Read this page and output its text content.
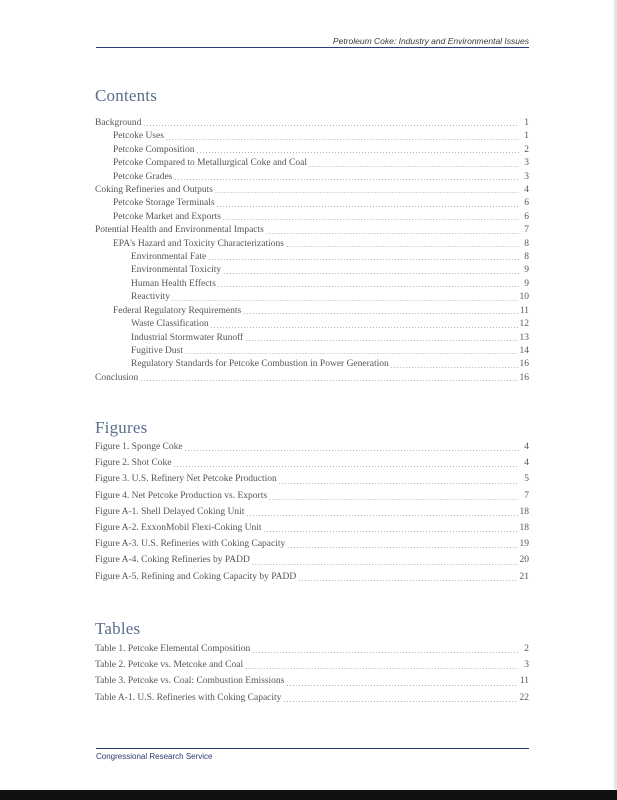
Petroleum Coke: Industry and Environmental Issues
Contents
Background .....	1
Petcoke Uses .....	1
Petcoke Composition .....	2
Petcoke Compared to Metallurgical Coke and Coal .....	3
Petcoke Grades .....	3
Coking Refineries and Outputs .....	4
Petcoke Storage Terminals .....	6
Petcoke Market and Exports .....	6
Potential Health and Environmental Impacts .....	7
EPA's Hazard and Toxicity Characterizations .....	8
Environmental Fate .....	8
Environmental Toxicity .....	9
Human Health Effects .....	9
Reactivity .....	10
Federal Regulatory Requirements .....	11
Waste Classification .....	12
Industrial Stormwater Runoff .....	13
Fugitive Dust .....	14
Regulatory Standards for Petcoke Combustion in Power Generation .....	16
Conclusion .....	16
Figures
Figure 1. Sponge Coke .....	4
Figure 2. Shot Coke .....	4
Figure 3. U.S. Refinery Net Petcoke Production .....	5
Figure 4. Net Petcoke Production vs. Exports .....	7
Figure A-1. Shell Delayed Coking Unit .....	18
Figure A-2. ExxonMobil Flexi-Coking Unit .....	18
Figure A-3. U.S. Refineries with Coking Capacity .....	19
Figure A-4. Coking Refineries by PADD .....	20
Figure A-5. Refining and Coking Capacity by PADD .....	21
Tables
Table 1. Petcoke Elemental Composition .....	2
Table 2. Petcoke vs. Metcoke and Coal .....	3
Table 3. Petcoke vs. Coal: Combustion Emissions .....	11
Table A-1. U.S. Refineries with Coking Capacity .....	22
Congressional Research Service
